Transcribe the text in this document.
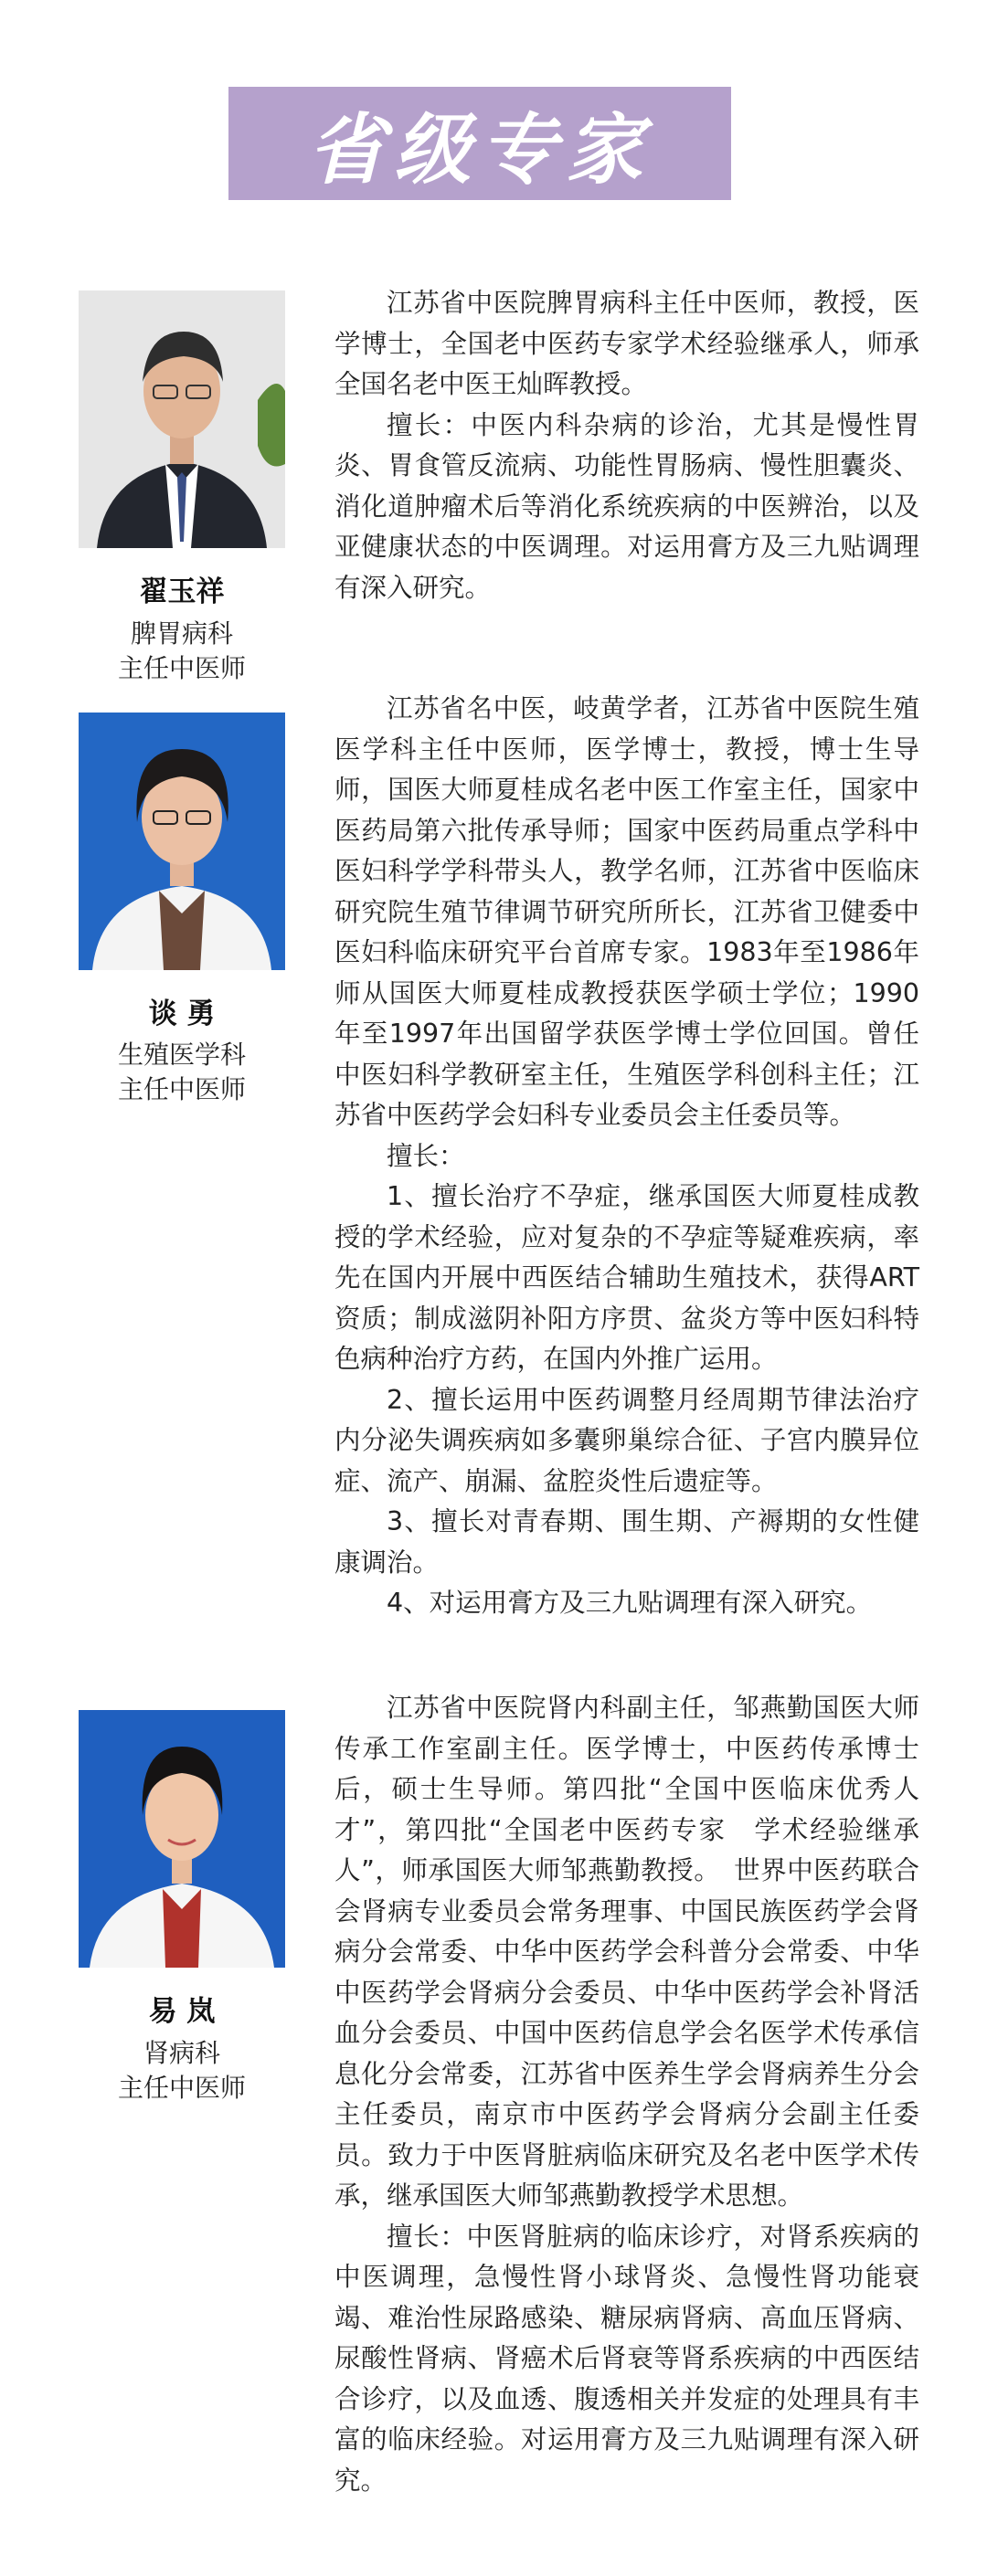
省级专家
翟玉祥
脾胃病科
主任中医师

江苏省中医院脾胃病科主任中医师，教授，医学博士，全国老中医药专家学术经验继承人，师承全国名老中医王灿晖教授。

擅长：中医内科杂病的诊治，尤其是慢性胃炎、胃食管反流病、功能性胃肠病、慢性胆囊炎、消化道肿瘤术后等消化系统疾病的中医辨治，以及亚健康状态的中医调理。对运用膏方及三九贴调理有深入研究。

谈 勇
生殖医学科
主任中医师

江苏省名中医，岐黄学者，江苏省中医院生殖医学科主任中医师，医学博士，教授，博士生导师，国医大师夏桂成名老中医工作室主任，国家中医药局第六批传承导师；国家中医药局重点学科中医妇科学学科带头人，教学名师，江苏省中医临床研究院生殖节律调节研究所所长，江苏省卫健委中医妇科临床研究平台首席专家。1983年至1986年师从国医大师夏桂成教授获医学硕士学位；1990年至1997年出国留学获医学博士学位回国。曾任中医妇科学教研室主任，生殖医学科创科主任；江苏省中医药学会妇科专业委员会主任委员等。

擅长：

1、擅长治疗不孕症，继承国医大师夏桂成教授的学术经验，应对复杂的不孕症等疑难疾病，率先在国内开展中西医结合辅助生殖技术，获得ART资质；制成滋阴补阳方序贯、盆炎方等中医妇科特色病种治疗方药，在国内外推广运用。

2、擅长运用中医药调整月经周期节律法治疗内分泌失调疾病如多囊卵巢综合征、子宫内膜异位症、流产、崩漏、盆腔炎性后遗症等。

3、擅长对青春期、围生期、产褥期的女性健康调治。

4、对运用膏方及三九贴调理有深入研究。

易 岚
肾病科
主任中医师

江苏省中医院肾内科副主任，邹燕勤国医大师传承工作室副主任。医学博士，中医药传承博士后，硕士生导师。第四批“全国中医临床优秀人才”，第四批“全国老中医药专家　学术经验继承人”，师承国医大师邹燕勤教授。　世界中医药联合会肾病专业委员会常务理事、中国民族医药学会肾病分会常委、中华中医药学会科普分会常委、中华中医药学会肾病分会委员、中华中医药学会补肾活血分会委员、中国中医药信息学会名医学术传承信息化分会常委，江苏省中医养生学会肾病养生分会主任委员，南京市中医药学会肾病分会副主任委员。致力于中医肾脏病临床研究及名老中医学术传承，继承国医大师邹燕勤教授学术思想。

擅长：中医肾脏病的临床诊疗，对肾系疾病的中医调理，急慢性肾小球肾炎、急慢性肾功能衰竭、难治性尿路感染、糖尿病肾病、高血压肾病、尿酸性肾病、肾癌术后肾衰等肾系疾病的中西医结合诊疗，以及血透、腹透相关并发症的处理具有丰富的临床经验。对运用膏方及三九贴调理有深入研究。
